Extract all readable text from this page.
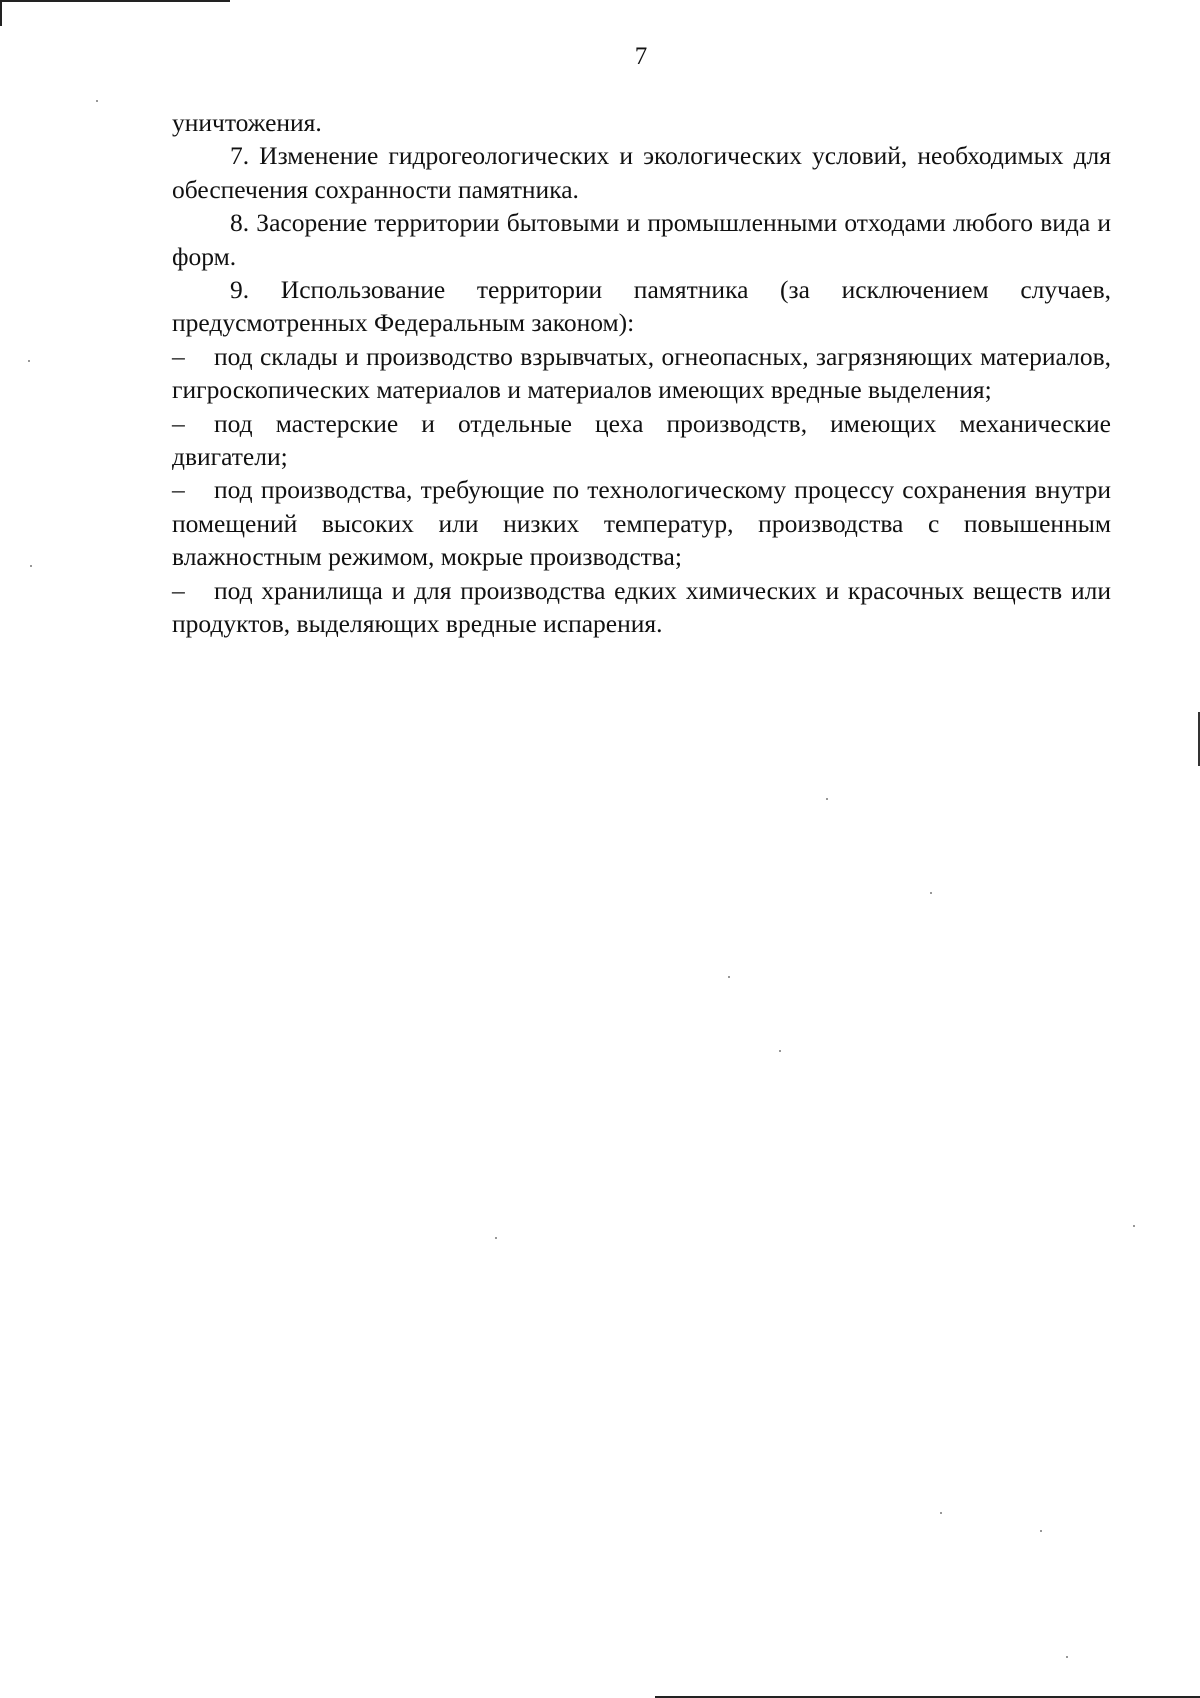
7

уничтожения.

7. Изменение гидрогеологических и экологических условий, необходимых для обеспечения сохранности памятника.

8. Засорение территории бытовыми и промышленными отходами любого вида и форм.

9. Использование территории памятника (за исключением случаев, предусмотренных Федеральным законом):

– под склады и производство взрывчатых, огнеопасных, загрязняющих материалов, гигроскопических материалов и материалов имеющих вредные выделения;

– под мастерские и отдельные цеха производств, имеющих механические двигатели;

– под производства, требующие по технологическому процессу сохранения внутри помещений высоких или низких температур, производства с повышенным влажностным режимом, мокрые производства;

– под хранилища и для производства едких химических и красочных веществ или продуктов, выделяющих вредные испарения.
